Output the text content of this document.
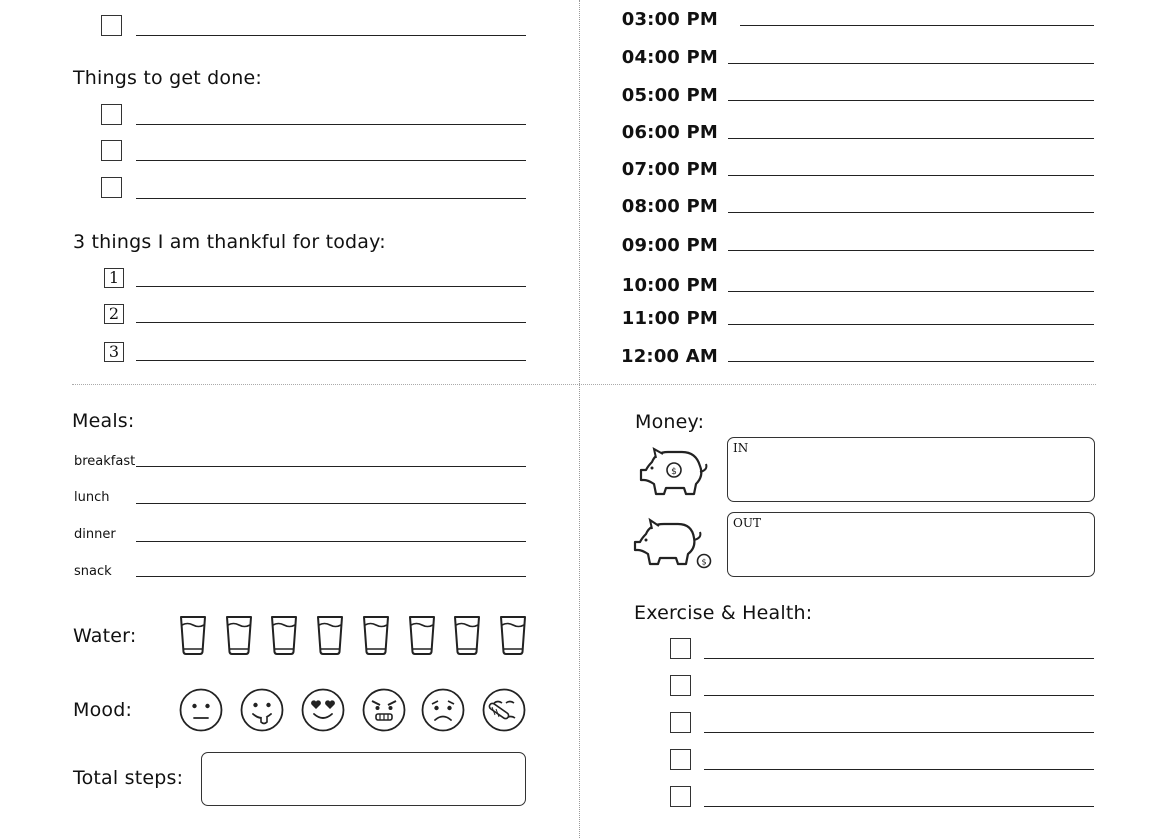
Things to get done:
3 things I am thankful for today:
1
2
3
03:00 PM
04:00 PM
05:00 PM
06:00 PM
07:00 PM
08:00 PM
09:00 PM
10:00 PM
11:00 PM
12:00 AM
Meals:
breakfast
lunch
dinner
snack
Water:
Mood:
Total steps:
Money:
$
IN
$
OUT
Exercise & Health:
